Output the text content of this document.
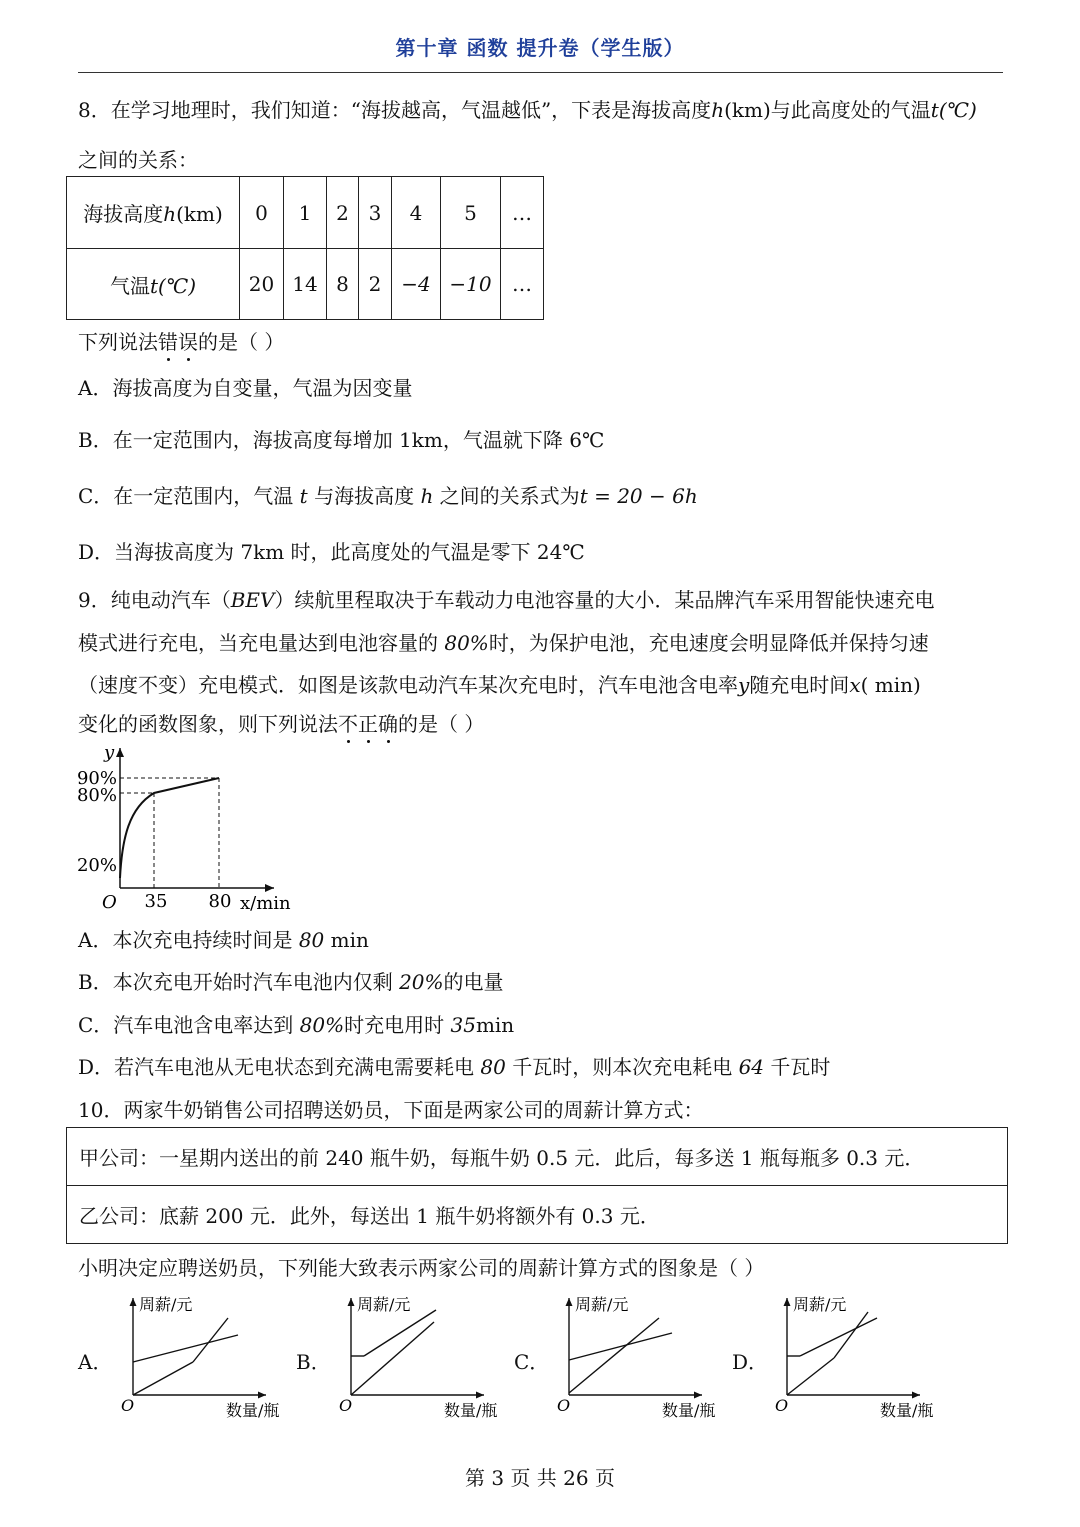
第十章 函数 提升卷（学生版）
8．在学习地理时，我们知道：“海拔越高，气温越低”，下表是海拔高度h(km)与此高度处的气温t(℃)
之间的关系：
海拔高度h(km)	0	1	2	3	4	5	…
气温t(℃)	20	14	8	2	−4	−10	…
下列说法错误的是（ ）
A．海拔高度为自变量，气温为因变量
B．在一定范围内，海拔高度每增加 1km，气温就下降 6℃
C．在一定范围内，气温 t 与海拔高度 h 之间的关系式为t = 20 − 6h
D．当海拔高度为 7km 时，此高度处的气温是零下 24℃
9．纯电动汽车（BEV）续航里程取决于车载动力电池容量的大小．某品牌汽车采用智能快速充电
模式进行充电，当充电量达到电池容量的 80%时，为保护电池，充电速度会明显降低并保持匀速
（速度不变）充电模式．如图是该款电动汽车某次充电时，汽车电池含电率y随充电时间x( min)
变化的函数图象，则下列说法不正确的是（ ）
y
90%
80%
20%
O 35 80 x/min
A．本次充电持续时间是 80 min
B．本次充电开始时汽车电池内仅剩 20%的电量
C．汽车电池含电率达到 80%时充电用时 35min
D．若汽车电池从无电状态到充满电需要耗电 80 千瓦时，则本次充电耗电 64 千瓦时
10．两家牛奶销售公司招聘送奶员，下面是两家公司的周薪计算方式：
甲公司：一星期内送出的前 240 瓶牛奶，每瓶牛奶 0.5 元．此后，每多送 1 瓶每瓶多 0.3 元．
乙公司：底薪 200 元．此外，每送出 1 瓶牛奶将额外有 0.3 元．
小明决定应聘送奶员，下列能大致表示两家公司的周薪计算方式的图象是（ ）
A．
周薪/元
O	数量/瓶
B．
周薪/元
O	数量/瓶
C．
周薪/元
O	数量/瓶
D．
周薪/元
O	数量/瓶
第 3 页 共 26 页
